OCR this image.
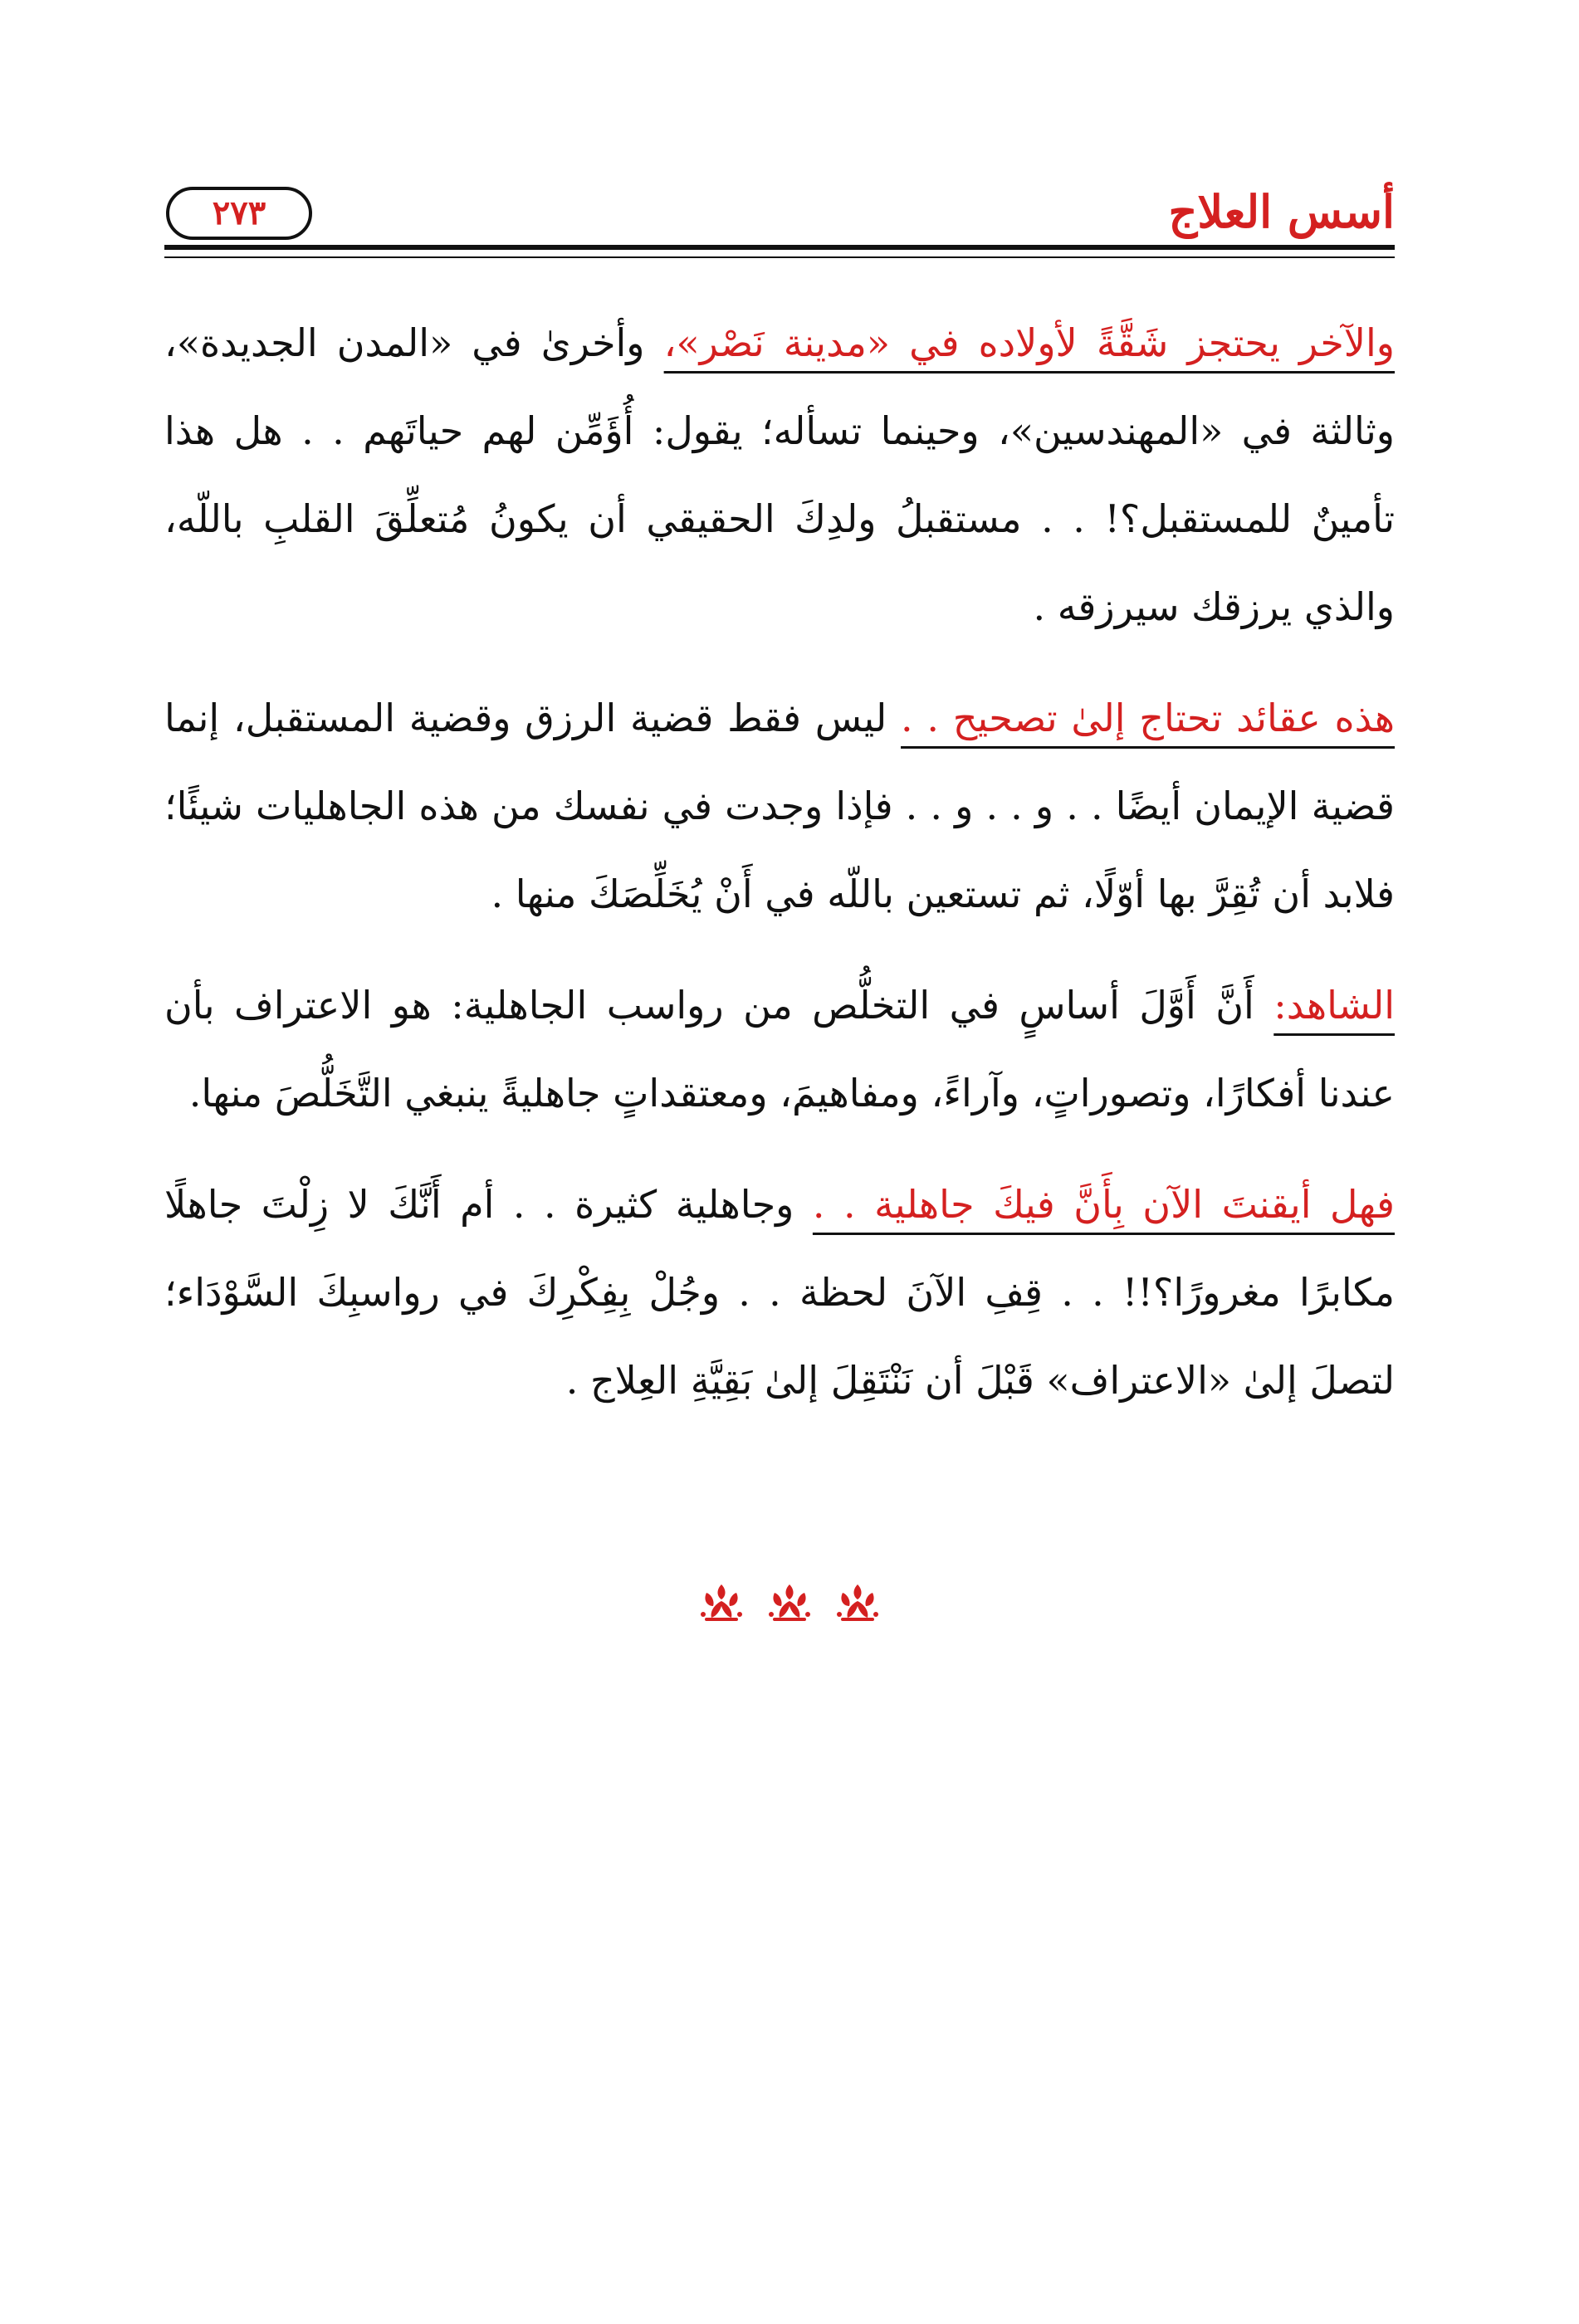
أسس العلاج
٢٧٣

والآخر يحتجز شَقَّةً لأولاده في «مدينة نَصْر»، وأخرىٰ في «المدن الجديدة»، وثالثة في «المهندسين»، وحينما تسأله؛ يقول: أُؤَمِّن لهم حياتَهم . . هل هذا تأمينٌ للمستقبل؟! . . مستقبلُ ولدِكَ الحقيقي أن يكونُ مُتعلِّقَ القلبِ باللّه، والذي يرزقك سيرزقه .

هذه عقائد تحتاج إلىٰ تصحيح . . ليس فقط قضية الرزق وقضية المستقبل، إنما قضية الإيمان أيضًا . . و . . و . . فإذا وجدت في نفسك من هذه الجاهليات شيئًا؛ فلابد أن تُقِرَّ بها أوّلًا، ثم تستعين باللّه في أَنْ يُخَلِّصَكَ منها .

الشاهد: أَنَّ أَوَّلَ أساسٍ في التخلُّص من رواسب الجاهلية: هو الاعتراف بأن عندنا أفكارًا، وتصوراتٍ، وآراءً، ومفاهيمَ، ومعتقداتٍ جاهليةً ينبغي التَّخَلُّصَ منها.

فهل أيقنتَ الآن بِأَنَّ فيكَ جاهلية . . وجاهلية كثيرة . . أم أَنَّكَ لا زِلْتَ جاهلًا مكابرًا مغرورًا؟!! . . قِفِ الآنَ لحظة . . وجُلْ بِفِكْرِكَ في رواسبِكَ السَّوْدَاء؛ لتصلَ إلىٰ «الاعتراف» قَبْلَ أن نَنْتَقِلَ إلىٰ بَقِيَّةِ العِلاج .
